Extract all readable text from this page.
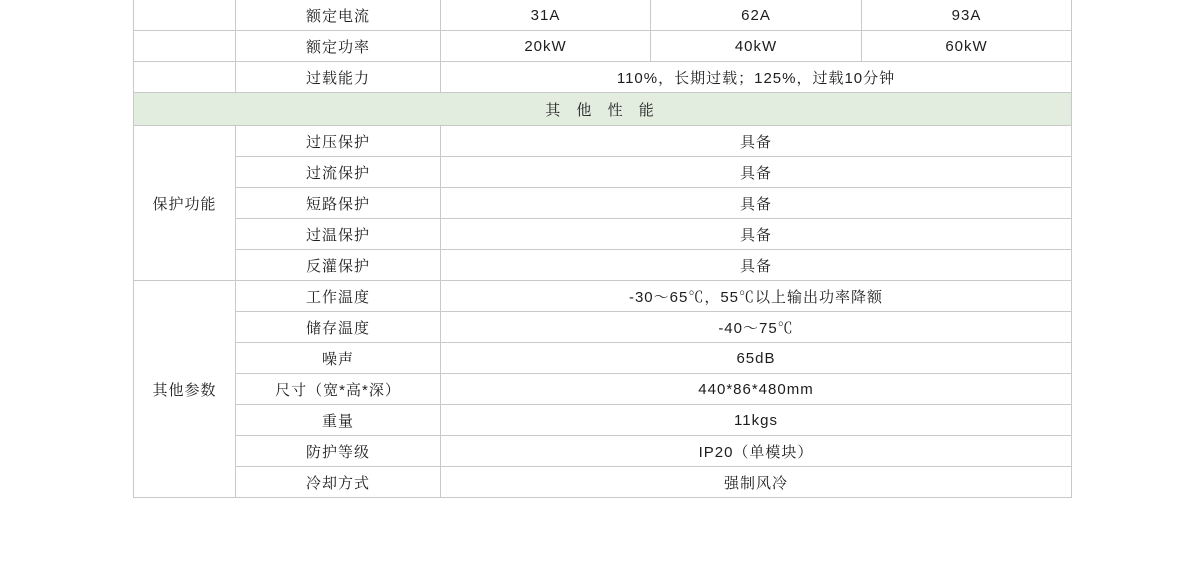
	额定电流	31A	62A	93A
	额定功率	20kW	40kW	60kW
	过载能力	110%，长期过载；125%，过载10分钟		
其 他 性 能				
保护功能	过压保护	具备		
	过流保护	具备		
	短路保护	具备		
	过温保护	具备		
	反灌保护	具备		
其他参数	工作温度	-30～65℃，55℃以上输出功率降额		
	储存温度	-40～75℃		
	噪声	65dB		
	尺寸（宽*高*深）	440*86*480mm		
	重量	11kgs		
	防护等级	IP20（单模块）		
	冷却方式	强制风冷		
